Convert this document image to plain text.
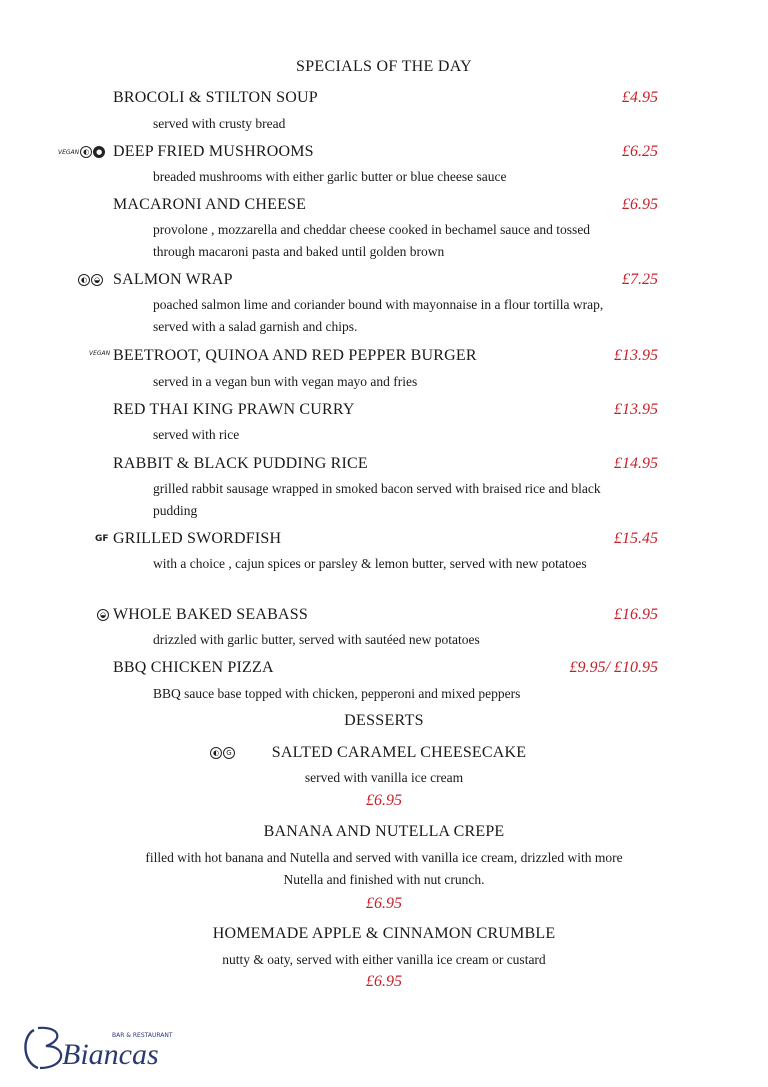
SPECIALS OF THE DAY
BROCOLI & STILTON SOUP	£4.95
served with crusty bread
VEGAN ◐ ● DEEP FRIED MUSHROOMS	£6.25
breaded mushrooms with either garlic butter or blue cheese sauce
MACARONI AND CHEESE	£6.95
provolone , mozzarella and cheddar cheese cooked in bechamel sauce and tossed through macaroni pasta and baked until golden brown
◐ ◒ SALMON WRAP	£7.25
poached salmon lime and coriander bound with mayonnaise in a flour tortilla wrap, served with a salad garnish and chips.
VEGAN BEETROOT, QUINOA AND RED PEPPER BURGER	£13.95
served in a vegan bun with vegan mayo and fries
RED THAI KING PRAWN CURRY	£13.95
served with rice
RABBIT & BLACK PUDDING RICE	£14.95
grilled rabbit sausage wrapped in smoked bacon served with braised rice and black pudding
GF GRILLED SWORDFISH	£15.45
with a choice , cajun spices or parsley & lemon butter, served with new potatoes
◒ WHOLE BAKED SEABASS	£16.95
drizzled with garlic butter, served with sautéed new potatoes
BBQ CHICKEN PIZZA	£9.95/ £10.95
BBQ sauce base topped with chicken, pepperoni and mixed peppers
DESSERTS
◐	G	SALTED CARAMEL CHEESECAKE
served with vanilla ice cream
£6.95
BANANA AND NUTELLA CREPE
filled with hot banana and Nutella and served with vanilla ice cream, drizzled with more Nutella and finished with nut crunch.
£6.95
HOMEMADE APPLE & CINNAMON CRUMBLE
nutty & oaty, served with either vanilla ice cream or custard
£6.95
Biancas
BAR & RESTAURANT
